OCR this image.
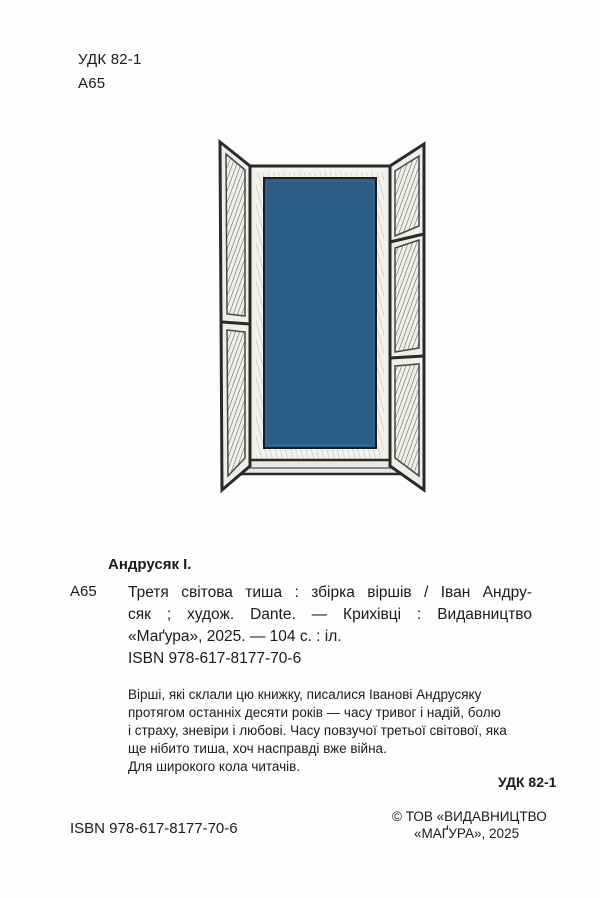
УДК 82-1
А65
Андрусяк І.
А65 Третя світова тиша : збірка віршів / Іван Андру-
сяк ; худож. Dante. — Крихівці : Видавництво
«Маґура», 2025. — 104 с. : іл.
ISBN 978-617-8177-70-6
Вірші, які склали цю книжку, писалися Іванові Андрусяку
протягом останніх десяти років — часу тривог і надій, болю
і страху, зневіри і любові. Часу повзучої третьої світової, яка
ще нібито тиша, хоч насправді вже війна.
Для широкого кола читачів.
УДК 82-1
© ТОВ «ВИДАВНИЦТВО
«МАҐУРА», 2025
ISBN 978-617-8177-70-6
